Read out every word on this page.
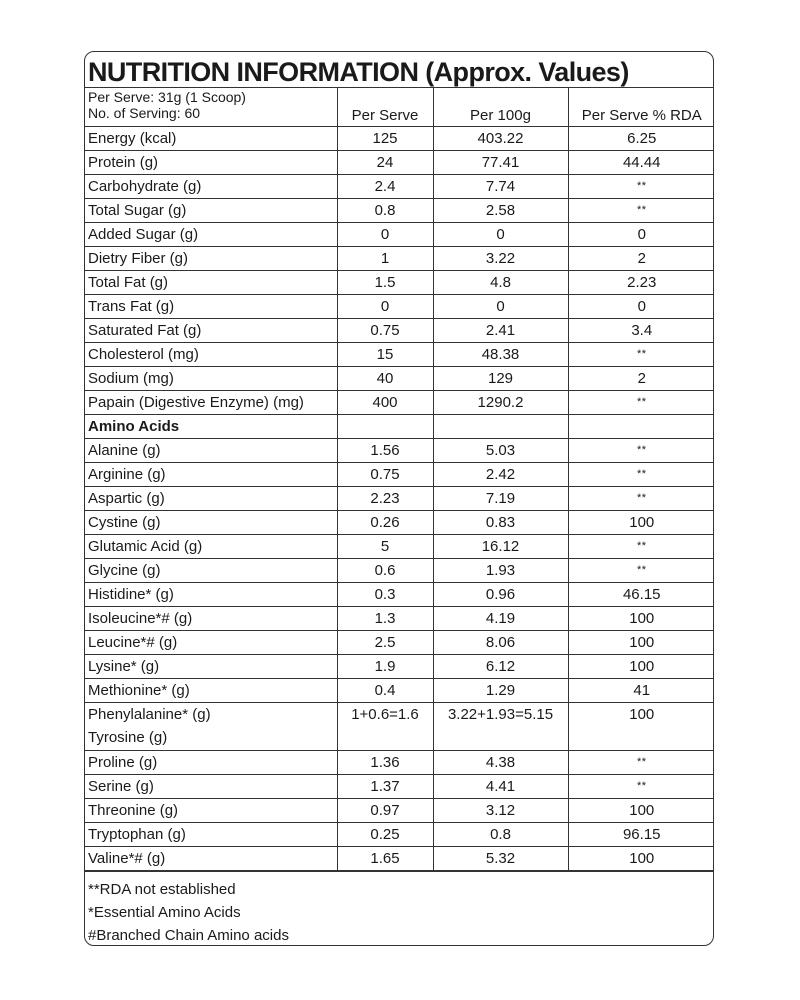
NUTRITION INFORMATION (Approx. Values)
Per Serve: 31g (1 Scoop)
No. of Serving: 60	Per Serve	Per 100g	Per Serve % RDA
Energy (kcal)	125	403.22	6.25
Protein (g)	24	77.41	44.44
Carbohydrate (g)	2.4	7.74	**
Total Sugar (g)	0.8	2.58	**
Added Sugar (g)	0	0	0
Dietry Fiber (g)	1	3.22	2
Total Fat (g)	1.5	4.8	2.23
Trans Fat (g)	0	0	0
Saturated Fat (g)	0.75	2.41	3.4
Cholesterol (mg)	15	48.38	**
Sodium (mg)	40	129	2
Papain (Digestive Enzyme) (mg)	400	1290.2	**
Amino Acids			
Alanine (g)	1.56	5.03	**
Arginine (g)	0.75	2.42	**
Aspartic (g)	2.23	7.19	**
Cystine (g)	0.26	0.83	100
Glutamic Acid (g)	5	16.12	**
Glycine (g)	0.6	1.93	**
Histidine* (g)	0.3	0.96	46.15
Isoleucine*# (g)	1.3	4.19	100
Leucine*# (g)	2.5	8.06	100
Lysine* (g)	1.9	6.12	100
Methionine* (g)	0.4	1.29	41

Phenylalanine* (g)
Tyrosine (g)	1+0.6=1.6	3.22+1.93=5.15	100
Proline (g)	1.36	4.38	**
Serine (g)	1.37	4.41	**
Threonine (g)	0.97	3.12	100
Tryptophan (g)	0.25	0.8	96.15
Valine*# (g)	1.65	5.32	100
**RDA not established
*Essential Amino Acids
#Branched Chain Amino acids
